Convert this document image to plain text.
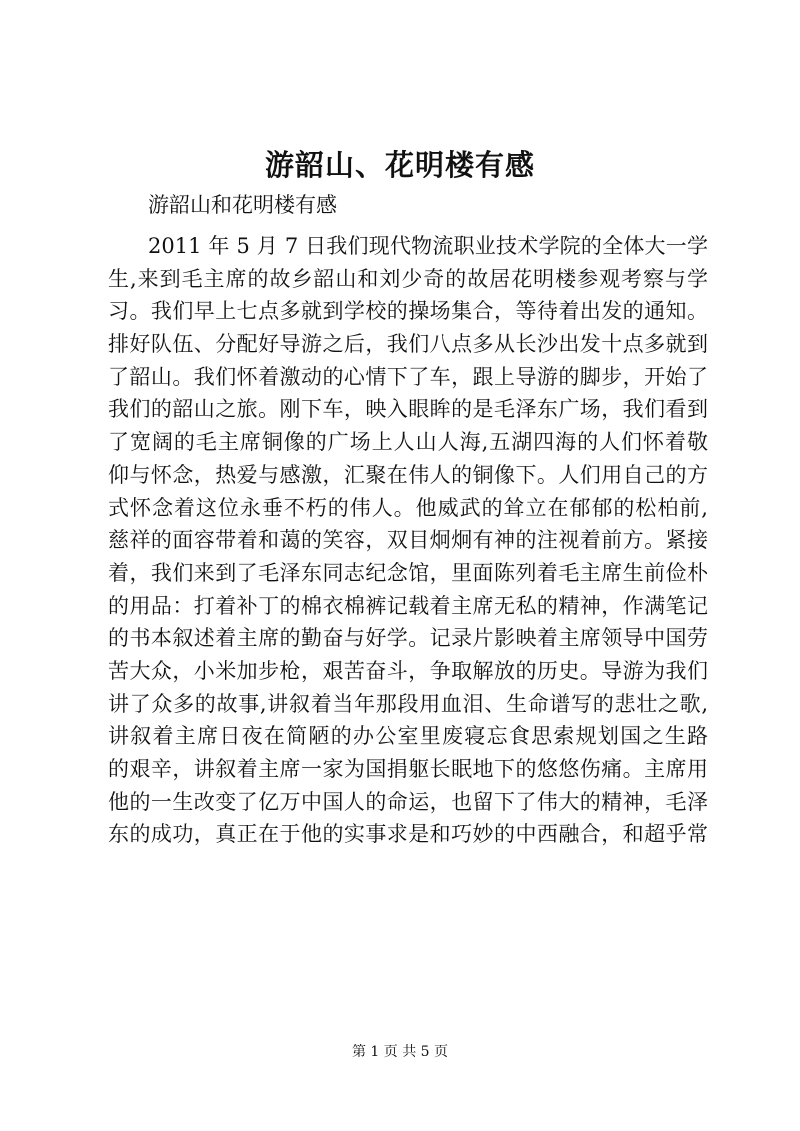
游韶山、花明楼有感
游韶山和花明楼有感
2011 年 5 月 7 日我们现代物流职业技术学院的全体大一学
生,来到毛主席的故乡韶山和刘少奇的故居花明楼参观考察与学
习。我们早上七点多就到学校的操场集合，等待着出发的通知。
排好队伍、分配好导游之后，我们八点多从长沙出发十点多就到
了韶山。我们怀着激动的心情下了车，跟上导游的脚步，开始了
我们的韶山之旅。刚下车，映入眼眸的是毛泽东广场，我们看到
了宽阔的毛主席铜像的广场上人山人海,五湖四海的人们怀着敬
仰与怀念，热爱与感激，汇聚在伟人的铜像下。人们用自己的方
式怀念着这位永垂不朽的伟人。他威武的耸立在郁郁的松柏前,
慈祥的面容带着和蔼的笑容，双目炯炯有神的注视着前方。紧接
着，我们来到了毛泽东同志纪念馆，里面陈列着毛主席生前俭朴
的用品：打着补丁的棉衣棉裤记载着主席无私的精神，作满笔记
的书本叙述着主席的勤奋与好学。记录片影映着主席领导中国劳
苦大众，小米加步枪，艰苦奋斗，争取解放的历史。导游为我们
讲了众多的故事,讲叙着当年那段用血泪、生命谱写的悲壮之歌,
讲叙着主席日夜在简陋的办公室里废寝忘食思索规划国之生路
的艰辛，讲叙着主席一家为国捐躯长眠地下的悠悠伤痛。主席用
他的一生改变了亿万中国人的命运，也留下了伟大的精神，毛泽
东的成功，真正在于他的实事求是和巧妙的中西融合，和超乎常
第 1 页 共 5 页
